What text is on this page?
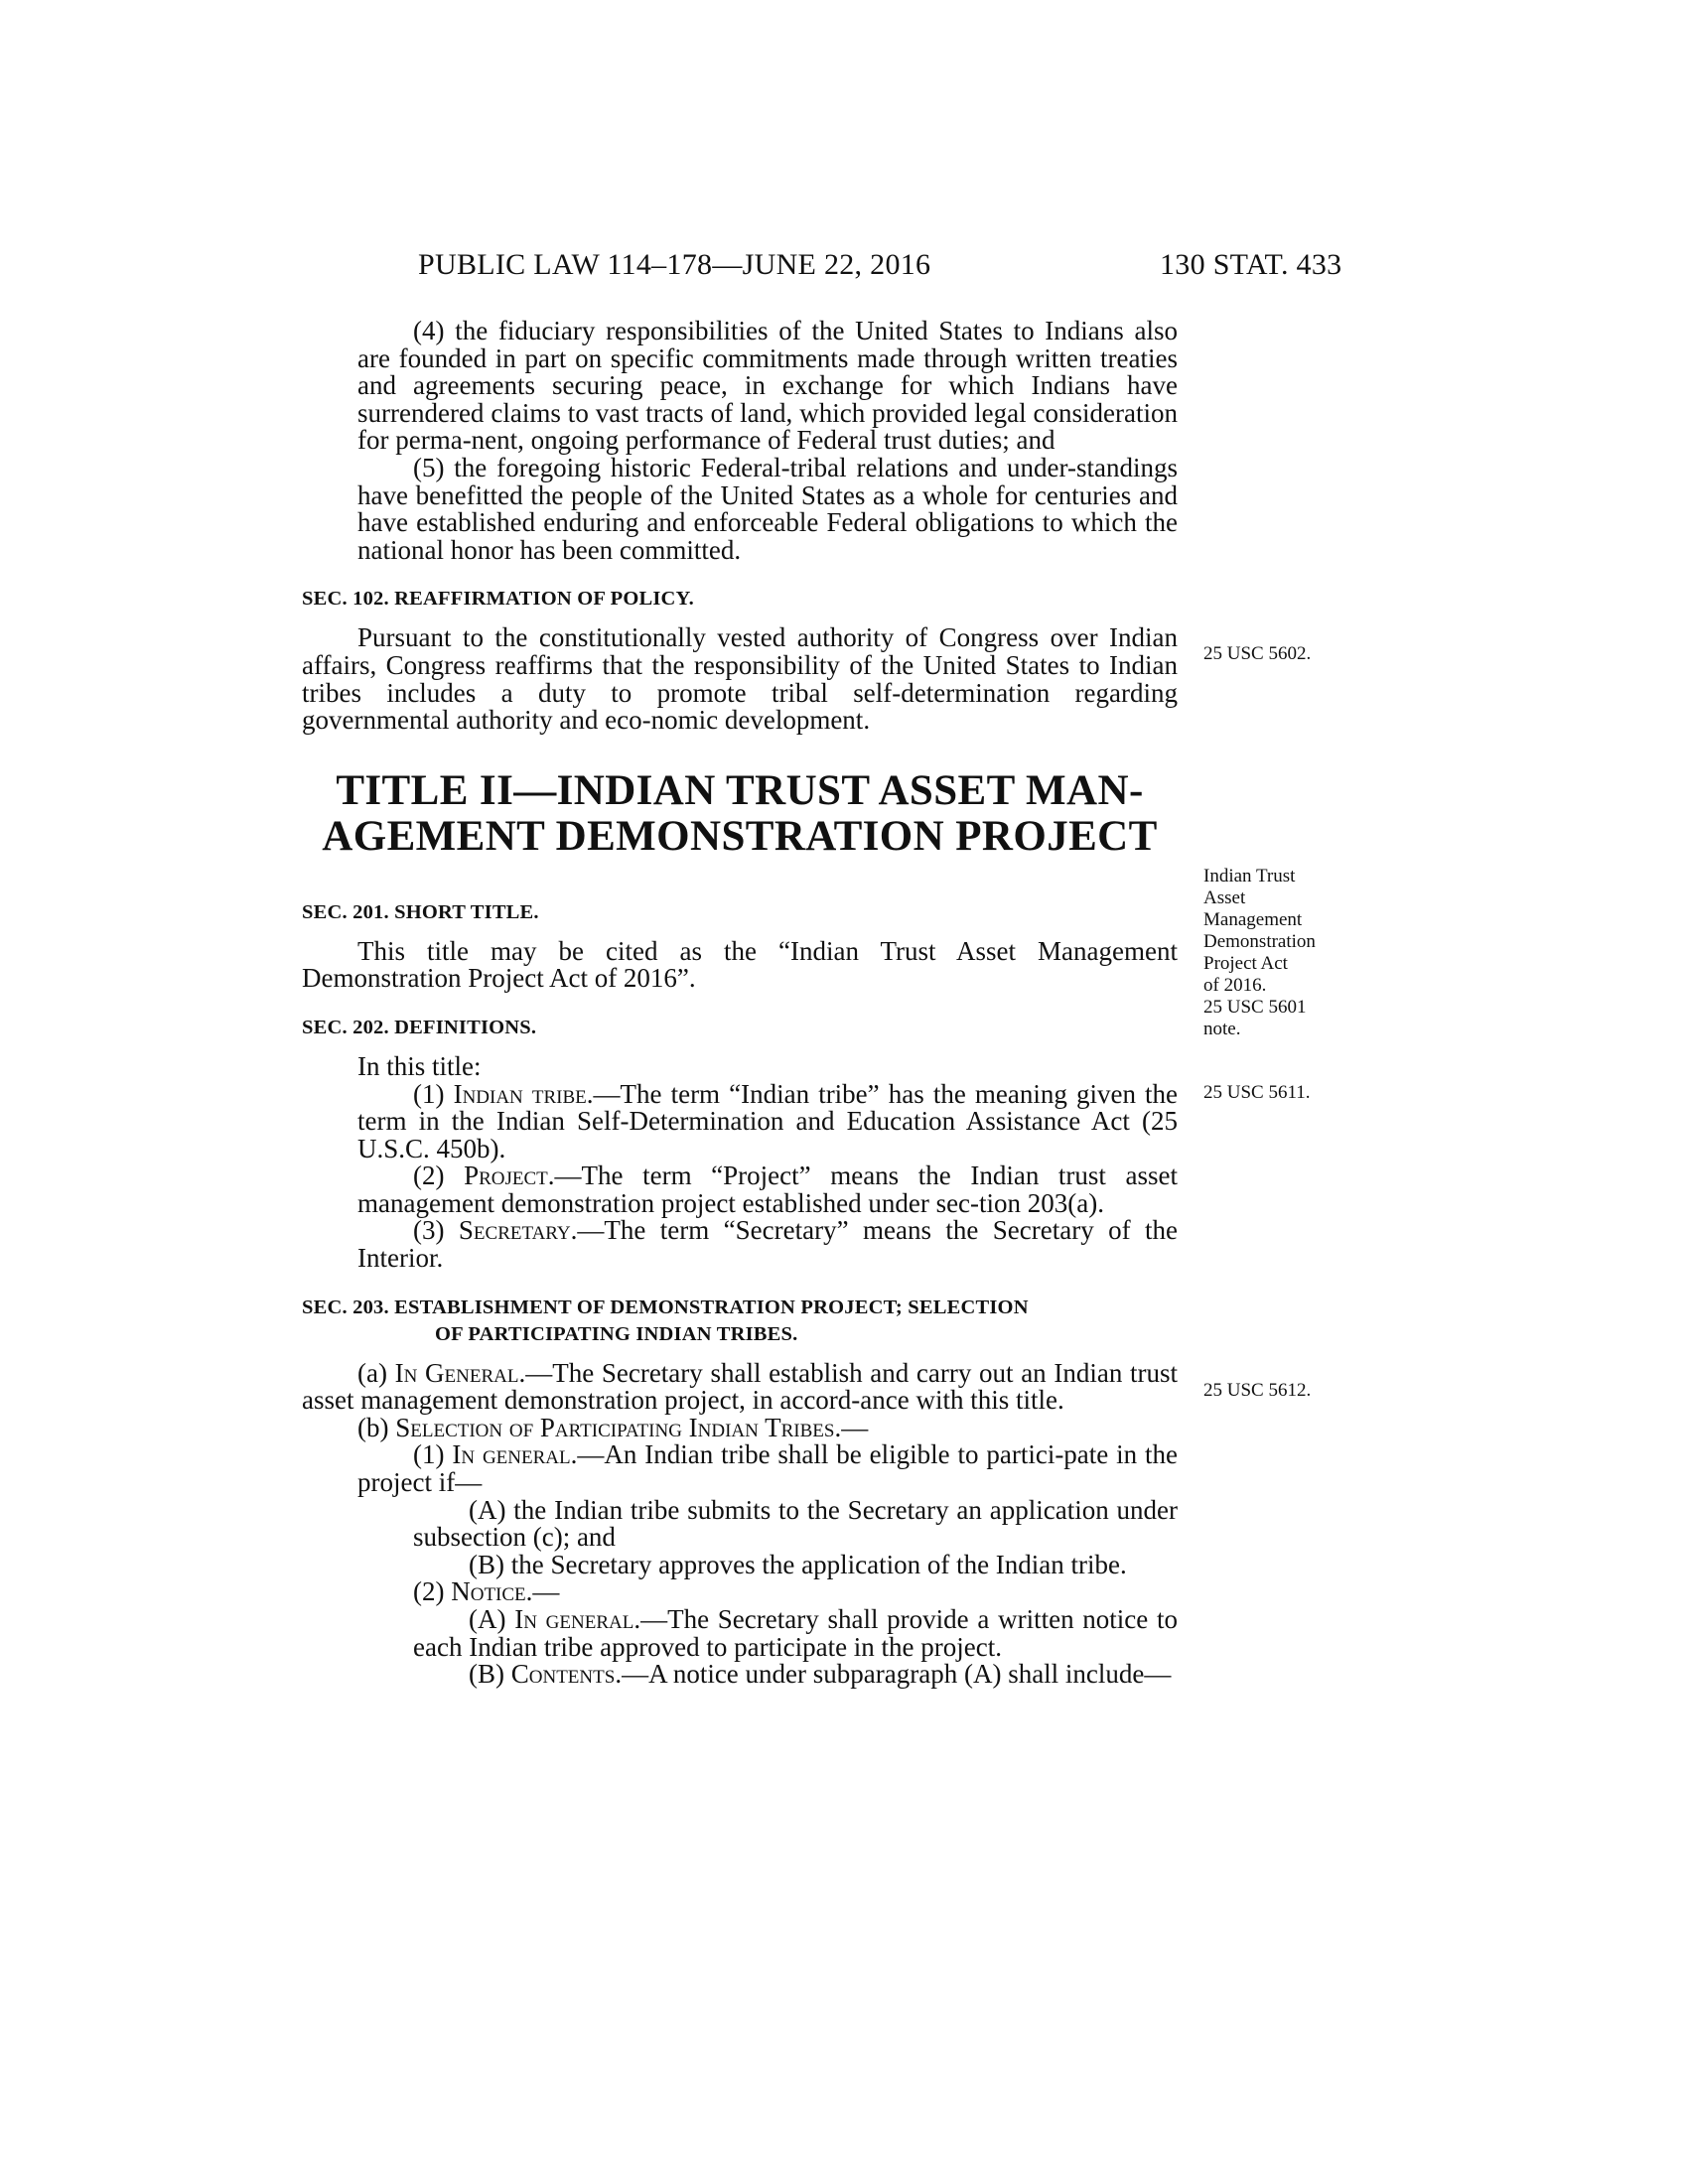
PUBLIC LAW 114–178—JUNE 22, 2016	130 STAT. 433

(4) the fiduciary responsibilities of the United States to Indians also are founded in part on specific commitments made through written treaties and agreements securing peace, in exchange for which Indians have surrendered claims to vast tracts of land, which provided legal consideration for perma-nent, ongoing performance of Federal trust duties; and

(5) the foregoing historic Federal-tribal relations and under-standings have benefitted the people of the United States as a whole for centuries and have established enduring and enforceable Federal obligations to which the national honor has been committed.

SEC. 102. REAFFIRMATION OF POLICY.

Pursuant to the constitutionally vested authority of Congress over Indian affairs, Congress reaffirms that the responsibility of the United States to Indian tribes includes a duty to promote tribal self-determination regarding governmental authority and eco-nomic development.

TITLE II—INDIAN TRUST ASSET MAN-
AGEMENT DEMONSTRATION PROJECT
SEC. 201. SHORT TITLE.

This title may be cited as the “Indian Trust Asset Management Demonstration Project Act of 2016”.

SEC. 202. DEFINITIONS.

In this title:

(1) Indian tribe.—The term “Indian tribe” has the meaning given the term in the Indian Self-Determination and Education Assistance Act (25 U.S.C. 450b).

(2) Project.—The term “Project” means the Indian trust asset management demonstration project established under sec-tion 203(a).

(3) Secretary.—The term “Secretary” means the Secretary of the Interior.

SEC. 203. ESTABLISHMENT OF DEMONSTRATION PROJECT; SELECTION
OF PARTICIPATING INDIAN TRIBES.

(a) In General.—The Secretary shall establish and carry out an Indian trust asset management demonstration project, in accord-ance with this title.

(b) Selection of Participating Indian Tribes.—

(1) In general.—An Indian tribe shall be eligible to partici-pate in the project if—

(A) the Indian tribe submits to the Secretary an application under subsection (c); and

(B) the Secretary approves the application of the Indian tribe.

(2) Notice.—

(A) In general.—The Secretary shall provide a written notice to each Indian tribe approved to participate in the project.

(B) Contents.—A notice under subparagraph (A) shall include—

25 USC 5602.
Indian Trust
Asset
Management
Demonstration
Project Act
of 2016.
25 USC 5601
note.
25 USC 5611.
25 USC 5612.
